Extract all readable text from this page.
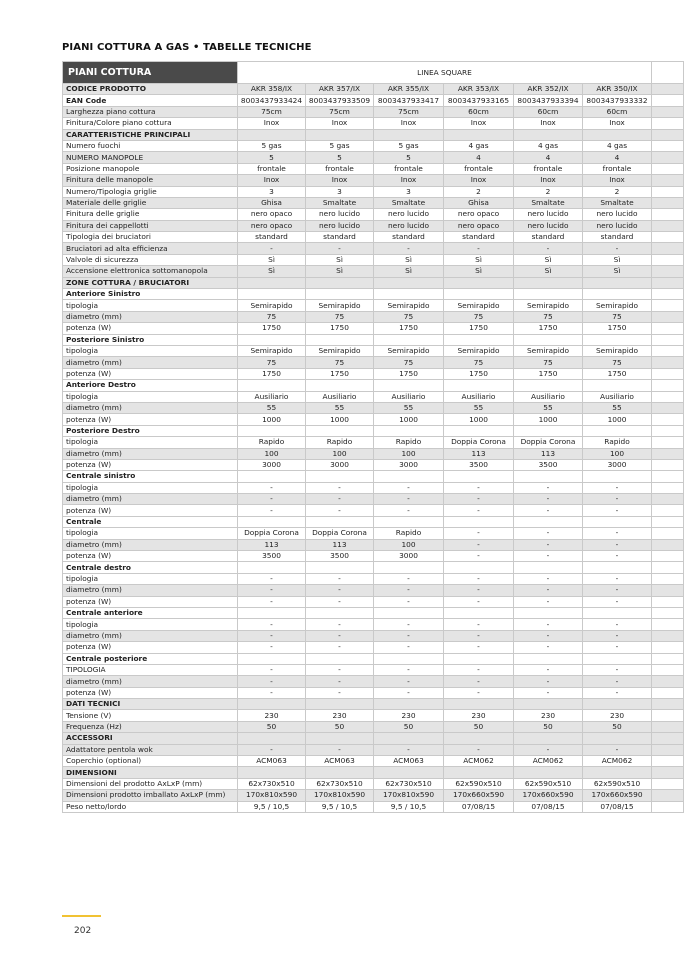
PIANI COTTURA A GAS • TABELLE TECNICHE
PIANI COTTURA	LINEA SQUARE						
CODICE PRODOTTO	AKR 358/IX	AKR 357/IX	AKR 355/IX	AKR 353/IX	AKR 352/IX	AKR 350/IX	
EAN Code	8003437933424	8003437933509	8003437933417	8003437933165	8003437933394	8003437933332	
Larghezza piano cottura	75cm	75cm	75cm	60cm	60cm	60cm	
Finitura/Colore piano cottura	Inox	Inox	Inox	Inox	Inox	Inox	
CARATTERISTICHE PRINCIPALI							
Numero fuochi	5 gas	5 gas	5 gas	4 gas	4 gas	4 gas	
NUMERO MANOPOLE	5	5	5	4	4	4	
Posizione manopole	frontale	frontale	frontale	frontale	frontale	frontale	
Finitura delle manopole	Inox	Inox	Inox	Inox	Inox	Inox	
Numero/Tipologia griglie	3	3	3	2	2	2	
Materiale delle griglie	Ghisa	Smaltate	Smaltate	Ghisa	Smaltate	Smaltate	
Finitura delle griglie	nero opaco	nero lucido	nero lucido	nero opaco	nero lucido	nero lucido	
Finitura dei cappellotti	nero opaco	nero lucido	nero lucido	nero opaco	nero lucido	nero lucido	
Tipologia dei bruciatori	standard	standard	standard	standard	standard	standard	
Bruciatori ad alta efficienza	-	-	-	-	-	-	
Valvole di sicurezza	Sì	Sì	Sì	Sì	Sì	Sì	
Accensione elettronica sottomanopola	Sì	Sì	Sì	Sì	Sì	Sì	
ZONE COTTURA / BRUCIATORI							
Anteriore Sinistro							
tipologia	Semirapido	Semirapido	Semirapido	Semirapido	Semirapido	Semirapido	
diametro (mm)	75	75	75	75	75	75	
potenza (W)	1750	1750	1750	1750	1750	1750	
Posteriore Sinistro							
tipologia	Semirapido	Semirapido	Semirapido	Semirapido	Semirapido	Semirapido	
diametro (mm)	75	75	75	75	75	75	
potenza (W)	1750	1750	1750	1750	1750	1750	
Anteriore Destro							
tipologia	Ausiliario	Ausiliario	Ausiliario	Ausiliario	Ausiliario	Ausiliario	
diametro (mm)	55	55	55	55	55	55	
potenza (W)	1000	1000	1000	1000	1000	1000	
Posteriore Destro							
tipologia	Rapido	Rapido	Rapido	Doppia Corona	Doppia Corona	Rapido	
diametro (mm)	100	100	100	113	113	100	
potenza (W)	3000	3000	3000	3500	3500	3000	
Centrale sinistro							
tipologia	-	-	-	-	-	-	
diametro (mm)	-	-	-	-	-	-	
potenza (W)	-	-	-	-	-	-	
Centrale							
tipologia	Doppia Corona	Doppia Corona	Rapido	-	-	-	
diametro (mm)	113	113	100	-	-	-	
potenza (W)	3500	3500	3000	-	-	-	
Centrale destro							
tipologia	-	-	-	-	-	-	
diametro (mm)	-	-	-	-	-	-	
potenza (W)	-	-	-	-	-	-	
Centrale anteriore							
tipologia	-	-	-	-	-	-	
diametro (mm)	-	-	-	-	-	-	
potenza (W)	-	-	-	-	-	-	
Centrale posteriore							
TIPOLOGIA	-	-	-	-	-	-	
diametro (mm)	-	-	-	-	-	-	
potenza (W)	-	-	-	-	-	-	
DATI TECNICI							
Tensione (V)	230	230	230	230	230	230	
Frequenza (Hz)	50	50	50	50	50	50	
ACCESSORI							
Adattatore pentola wok	-	-	-	-	-	-	
Coperchio (optional)	ACM063	ACM063	ACM063	ACM062	ACM062	ACM062	
DIMENSIONI							
Dimensioni del prodotto AxLxP (mm)	62x730x510	62x730x510	62x730x510	62x590x510	62x590x510	62x590x510	
Dimensioni prodotto imballato AxLxP (mm)	170x810x590	170x810x590	170x810x590	170x660x590	170x660x590	170x660x590	
Peso netto/lordo	9,5 / 10,5	9,5 / 10,5	9,5 / 10,5	07/08/15	07/08/15	07/08/15	
202
